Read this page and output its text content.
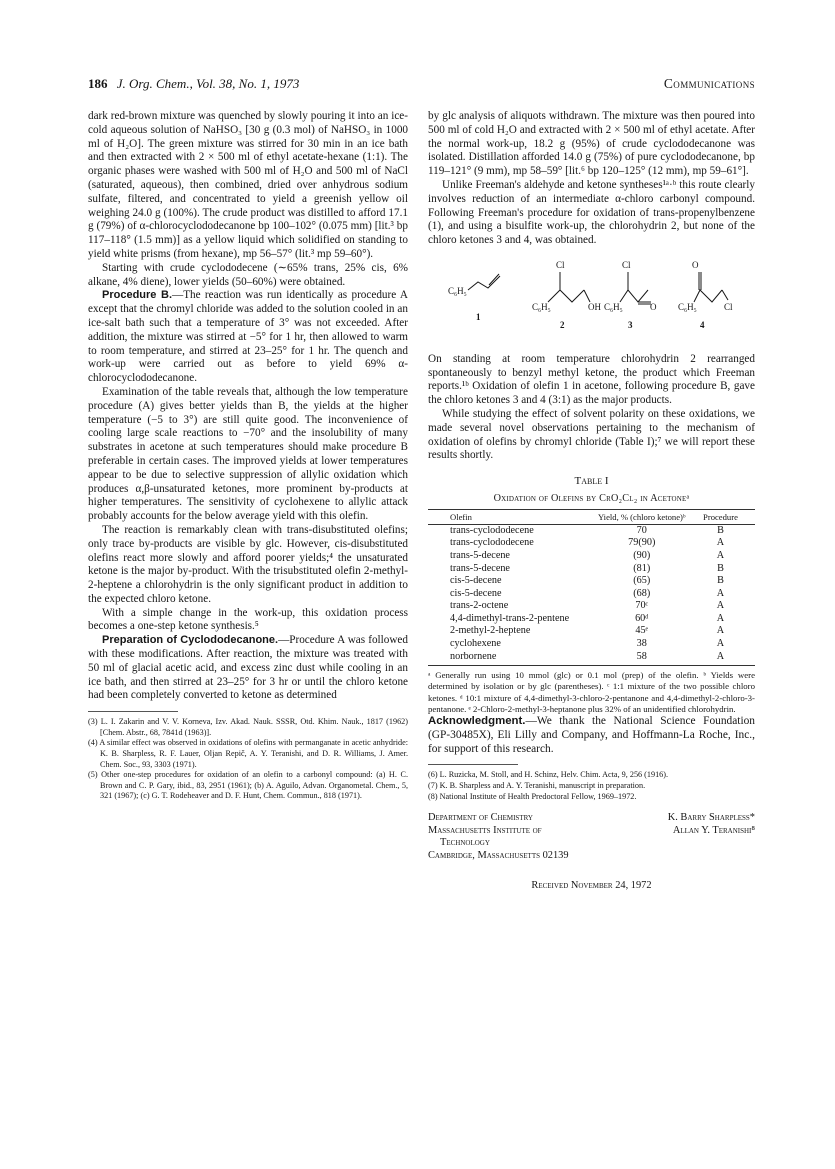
186 J. Org. Chem., Vol. 38, No. 1, 1973	Communications

dark red-brown mixture was quenched by slowly pouring it into an ice-cold aqueous solution of NaHSO₃ [30 g (0.3 mol) of NaHSO₃ in 1000 ml of H₂O]. The green mixture was stirred for 30 min in an ice bath and then extracted with 2 × 500 ml of ethyl acetate-hexane (1:1). The organic phases were washed with 500 ml of H₂O and 500 ml of NaCl (saturated, aqueous), then combined, dried over anhydrous sodium sulfate, filtered, and concentrated to yield a greenish yellow oil weighing 24.0 g (100%). The crude product was distilled to afford 17.1 g (79%) of α-chlorocyclododecanone bp 100–102° (0.075 mm) [lit.³ bp 117–118° (1.5 mm)] as a yellow liquid which solidified on standing to yield white prisms (from hexane), mp 56–57° (lit.³ mp 59–60°).

Starting with crude cyclododecene (∼65% trans, 25% cis, 6% alkane, 4% diene), lower yields (50–60%) were obtained.

Procedure B.—The reaction was run identically as procedure A except that the chromyl chloride was added to the solution cooled in an ice-salt bath such that a temperature of 3° was not exceeded. After addition, the mixture was stirred at −5° for 1 hr, then allowed to warm to room temperature, and stirred at 23–25° for 1 hr. The quench and work-up were carried out as before to yield 69% α-chlorocyclododecanone.

Examination of the table reveals that, although the low temperature procedure (A) gives better yields than B, the yields at the higher temperature (−5 to 3°) are still quite good. The inconvenience of cooling large scale reactions to −70° and the insolubility of many substrates in acetone at such temperatures should make procedure B preferable in certain cases. The improved yields at lower temperatures appear to be due to selective suppression of allylic oxidation which produces α,β-unsaturated ketones, more prominent by-products at higher temperatures. The sensitivity of cyclohexene to allylic attack probably accounts for the below average yield with this olefin.

The reaction is remarkably clean with trans-disubstituted olefins; only trace by-products are visible by glc. However, cis-disubstituted olefins react more slowly and afford poorer yields;⁴ the unsaturated ketone is the major by-product. With the trisubstituted olefin 2-methyl-2-heptene a chlorohydrin is the only significant product in addition to the expected chloro ketone.

With a simple change in the work-up, this oxidation process becomes a one-step ketone synthesis.⁵

Preparation of Cyclododecanone.—Procedure A was followed with these modifications. After reaction, the mixture was treated with 50 ml of glacial acetic acid, and excess zinc dust while cooling in an ice bath, and then stirred at 23–25° for 3 hr or until the chloro ketone had been completely converted to ketone as determined

(3) L. I. Zakarin and V. V. Korneva, Izv. Akad. Nauk. SSSR, Otd. Khim. Nauk., 1817 (1962) [Chem. Abstr., 68, 7841d (1963)].

(4) A similar effect was observed in oxidations of olefins with permanganate in acetic anhydride: K. B. Sharpless, R. F. Lauer, Oljan Repič, A. Y. Teranishi, and D. R. Williams, J. Amer. Chem. Soc., 93, 3303 (1971).

(5) Other one-step procedures for oxidation of an olefin to a carbonyl compound: (a) H. C. Brown and C. P. Gary, ibid., 83, 2951 (1961); (b) A. Aguilo, Advan. Organometal. Chem., 5, 321 (1967); (c) G. T. Rodeheaver and D. F. Hunt, Chem. Commun., 818 (1971).

by glc analysis of aliquots withdrawn. The mixture was then poured into 500 ml of cold H₂O and extracted with 2 × 500 ml of ethyl acetate. After the normal work-up, 18.2 g (95%) of crude cyclododecanone was isolated. Distillation afforded 14.0 g (75%) of pure cyclododecanone, bp 119–121° (9 mm), mp 58–59° [lit.⁶ bp 120–125° (12 mm), mp 59–61°].

Unlike Freeman's aldehyde and ketone syntheses¹ᵃ·ᵇ this route clearly involves reduction of an intermediate α-chloro carbonyl compound. Following Freeman's procedure for oxidation of trans-propenylbenzene (1), and using a bisulfite work-up, the chlorohydrin 2, but none of the chloro ketones 3 and 4, was obtained.

C₆H₅
1
Cl
C₆H₅	OH
2
Cl
C₆H₅	O
3
O
C₆H₅	Cl
4

On standing at room temperature chlorohydrin 2 rearranged spontaneously to benzyl methyl ketone, the product which Freeman reports.¹ᵇ Oxidation of olefin 1 in acetone, following procedure B, gave the chloro ketones 3 and 4 (3:1) as the major products.

While studying the effect of solvent polarity on these oxidations, we made several novel observations pertaining to the mechanism of oxidation of olefins by chromyl chloride (Table I);⁷ we will report these results shortly.

Table I
Oxidation of Olefins by CrO₂Cl₂ in Acetoneᵃ
Olefin	Yield, % (chloro ketone)ᵇ	Procedure
trans-cyclododecene	70	B
trans-cyclododecene	79(90)	A
trans-5-decene	(90)	A
trans-5-decene	(81)	B
cis-5-decene	(65)	B
cis-5-decene	(68)	A
trans-2-octene	70ᶜ	A
4,4-dimethyl-trans-2-pentene	60ᵈ	A
2-methyl-2-heptene	45ᵉ	A
cyclohexene	38	A
norbornene	58	A
ᵃ Generally run using 10 mmol (glc) or 0.1 mol (prep) of the olefin. ᵇ Yields were determined by isolation or by glc (parentheses). ᶜ 1:1 mixture of the two possible chloro ketones. ᵈ 10:1 mixture of 4,4-dimethyl-3-chloro-2-pentanone and 4,4-dimethyl-2-chloro-3-pentanone. ᵉ 2-Chloro-2-methyl-3-heptanone plus 32% of an unidentified chlorohydrin.

Acknowledgment.—We thank the National Science Foundation (GP-30485X), Eli Lilly and Company, and Hoffmann-La Roche, Inc., for support of this research.

(6) L. Ruzicka, M. Stoll, and H. Schinz, Helv. Chim. Acta, 9, 256 (1916).

(7) K. B. Sharpless and A. Y. Teranishi, manuscript in preparation.

(8) National Institute of Health Predoctoral Fellow, 1969–1972.

Department of Chemistry	K. Barry Sharpless*
Massachusetts Institute of	Allan Y. Teranishi⁸
Technology
Cambridge, Massachusetts 02139
Received November 24, 1972
